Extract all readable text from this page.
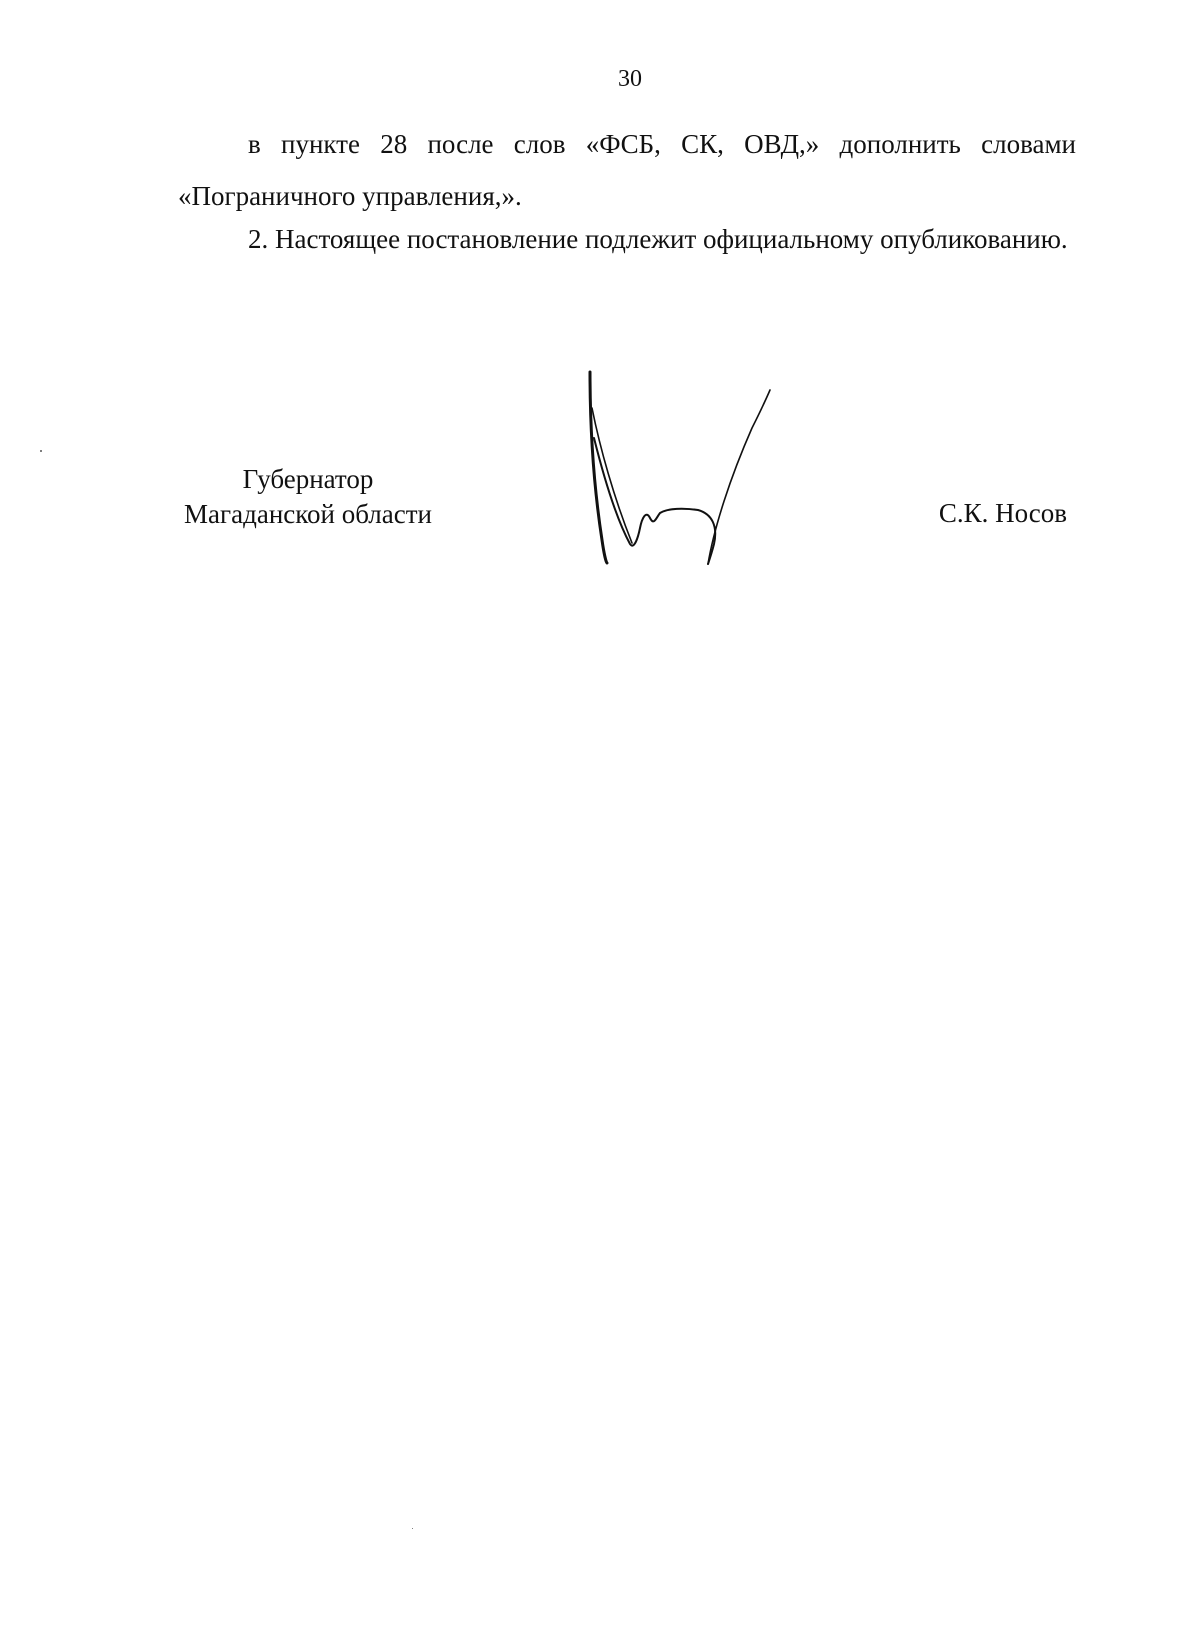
30

в пункте 28 после слов «ФСБ, СК, ОВД,» дополнить словами «Пограничного управления,».

2. Настоящее постановление подлежит официальному опубликованию.

Губернатор
Магаданской области	С.К. Носов
